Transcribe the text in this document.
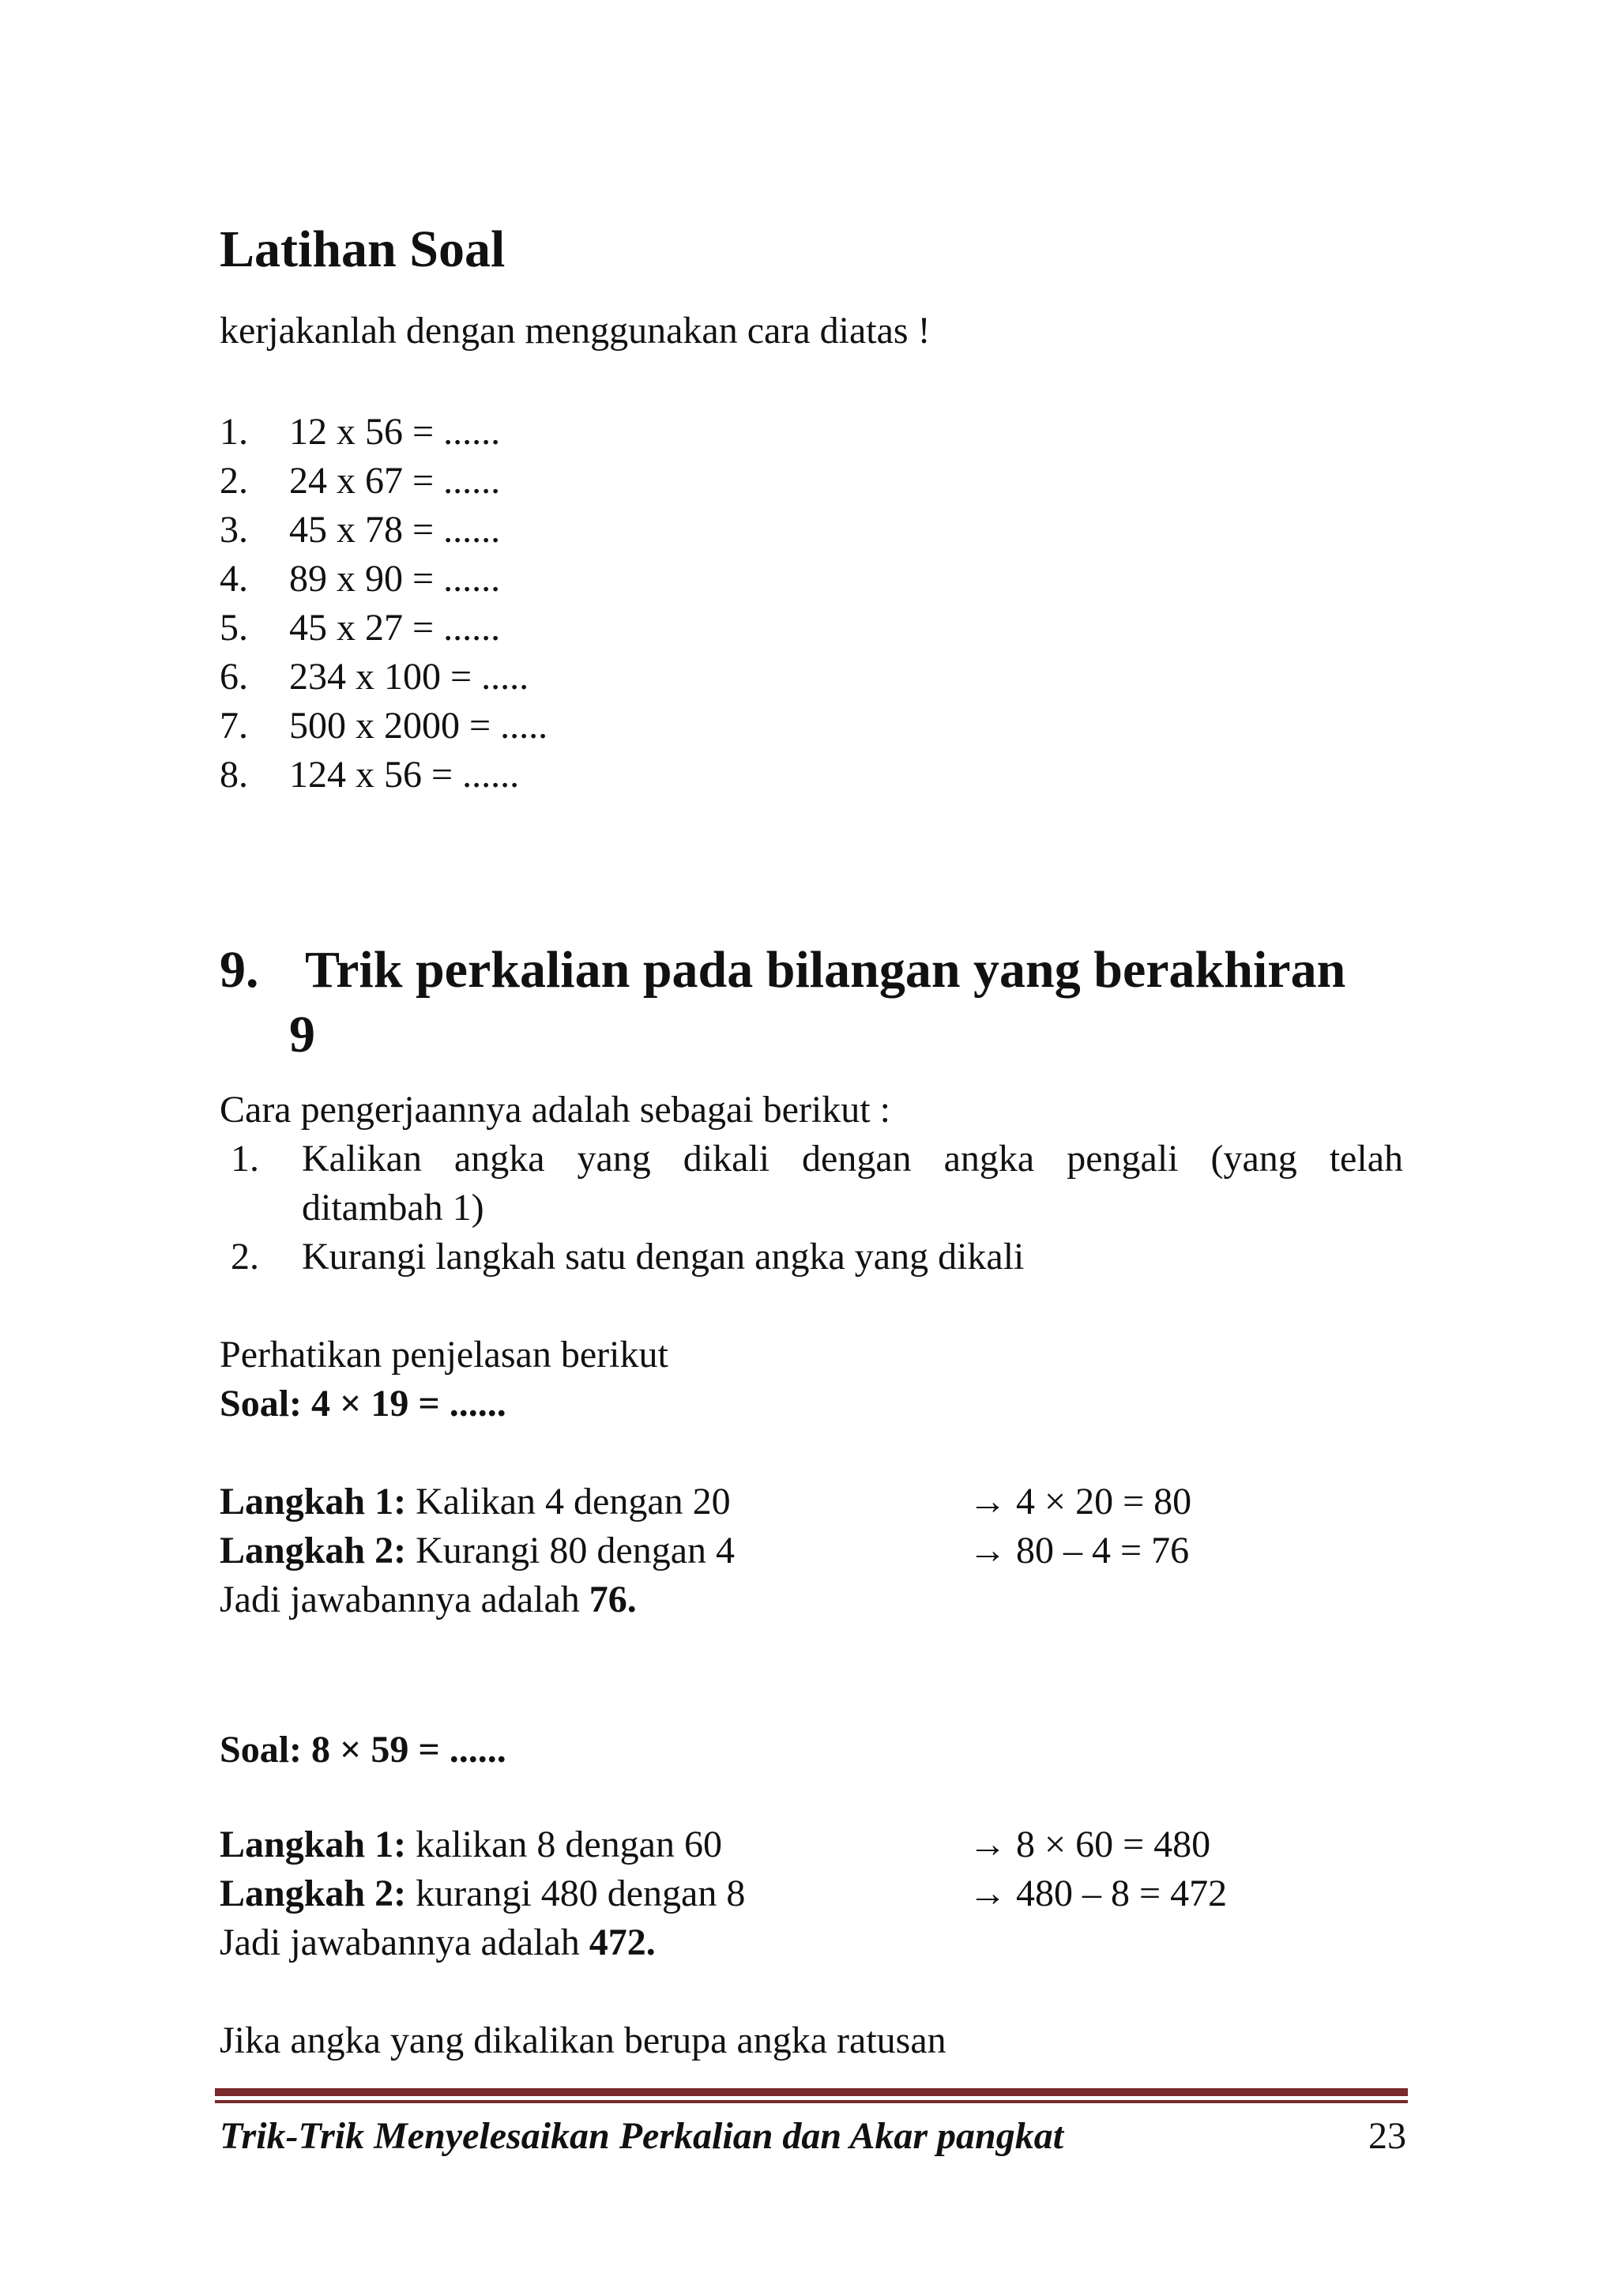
Latihan Soal

kerjakanlah dengan menggunakan cara diatas !

1. 12 x 56 = ......
2. 24 x 67 = ......
3. 45 x 78 = ......
4. 89 x 90 = ......
5. 45 x 27 = ......
6. 234 x 100 = .....
7. 500 x 2000 = .....
8. 124 x 56 = ......
9. Trik perkalian pada bilangan yang berakhiran
9

Cara pengerjaannya adalah sebagai berikut :

1. Kalikan angka yang dikali dengan angka pengali (yang telah
ditambah 1)
2. Kurangi langkah satu dengan angka yang dikali

Perhatikan penjelasan berikut

Soal: 4 × 19 = ......

Langkah 1: Kalikan 4 dengan 20	→ 4 × 20 = 80

Langkah 2: Kurangi 80 dengan 4	→ 80 – 4 = 76

Jadi jawabannya adalah 76.

Soal: 8 × 59 = ......

Langkah 1: kalikan 8 dengan 60	→ 8 × 60 = 480

Langkah 2: kurangi 480 dengan 8	→ 480 – 8 = 472

Jadi jawabannya adalah 472.

Jika angka yang dikalikan berupa angka ratusan

Trik-Trik Menyelesaikan Perkalian dan Akar pangkat	23
